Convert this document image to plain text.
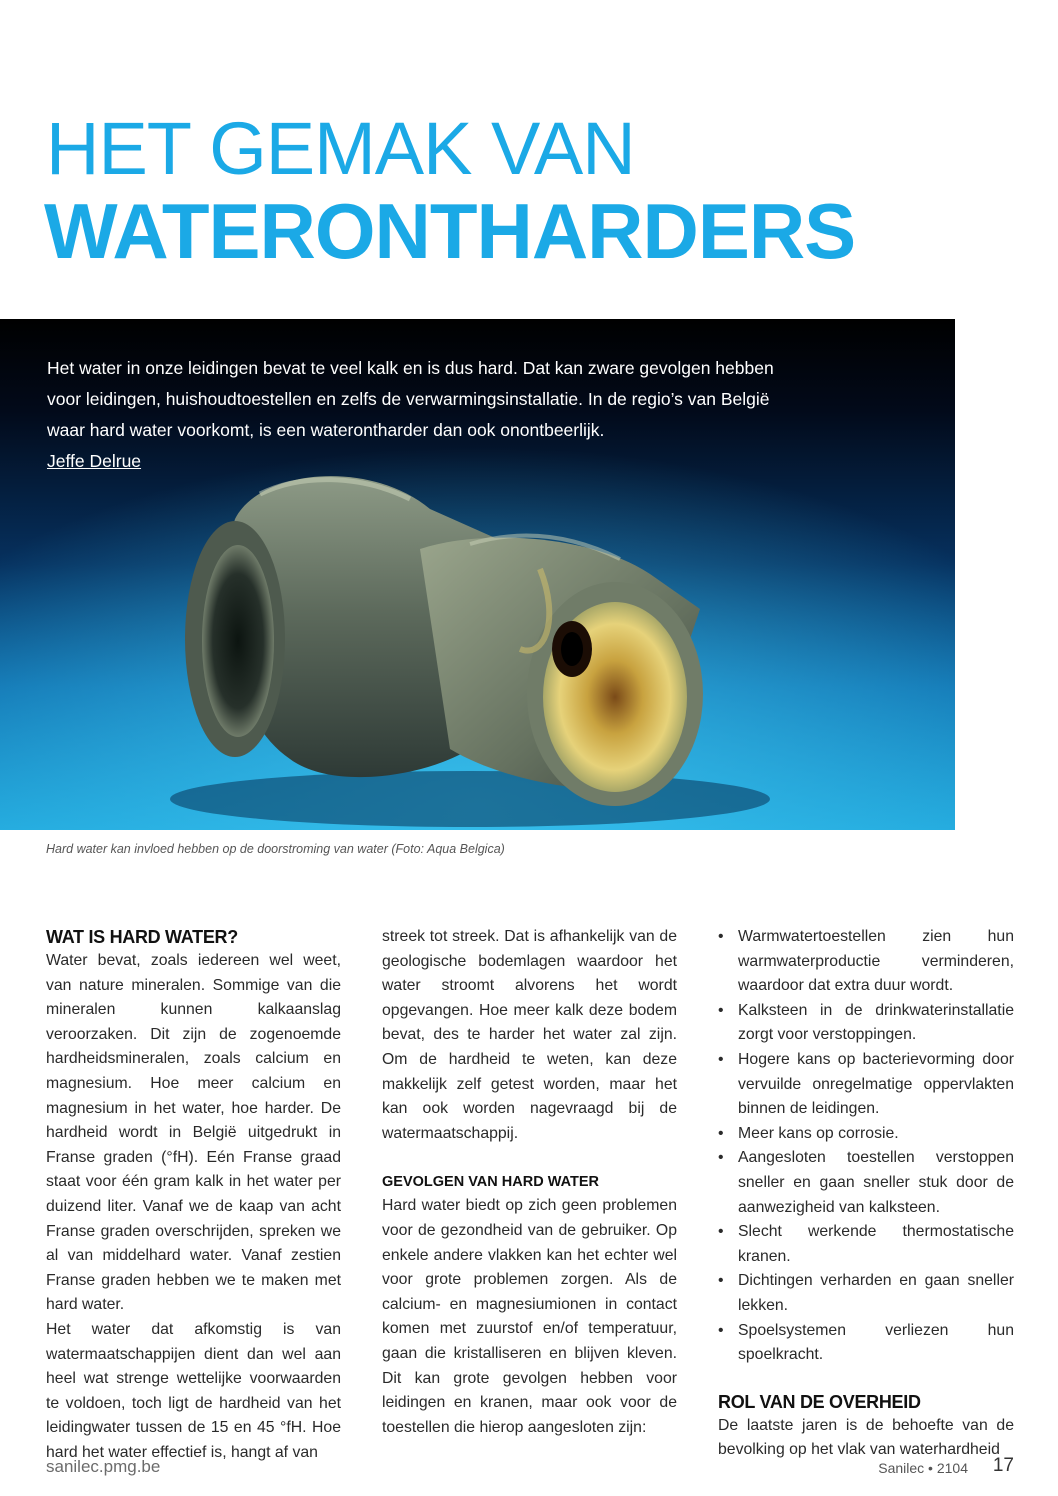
HET GEMAK VAN
WATERONTHARDERS
Het water in onze leidingen bevat te veel kalk en is dus hard. Dat kan zware gevolgen hebben voor leidingen, huishoudtoestellen en zelfs de verwarmingsinstallatie. In de regio’s van België waar hard water voorkomt, is een waterontharder dan ook onontbeerlijk.
Jeffe Delrue
Hard water kan invloed hebben op de doorstroming van water (Foto: Aqua Belgica)
WAT IS HARD WATER?

Water bevat, zoals iedereen wel weet, van nature mineralen. Sommige van die mineralen kunnen kalkaanslag veroorzaken. Dit zijn de zogenoemde hardheidsmineralen, zoals calcium en magnesium. Hoe meer calcium en magnesium in het water, hoe harder. De hardheid wordt in België uitgedrukt in Franse graden (°fH). Eén Franse graad staat voor één gram kalk in het water per duizend liter. Vanaf we de kaap van acht Franse graden overschrijden, spreken we al van middelhard water. Vanaf zestien Franse graden hebben we te maken met hard water.

Het water dat afkomstig is van watermaatschappijen dient dan wel aan heel wat strenge wettelijke voorwaarden te voldoen, toch ligt de hardheid van het leidingwater tussen de 15 en 45 °fH. Hoe hard het water effectief is, hangt af van

streek tot streek. Dat is afhankelijk van de geologische bodemlagen waardoor het water stroomt alvorens het wordt opgevangen. Hoe meer kalk deze bodem bevat, des te harder het water zal zijn. Om de hardheid te weten, kan deze makkelijk zelf getest worden, maar het kan ook worden nagevraagd bij de watermaatschappij.

GEVOLGEN VAN HARD WATER

Hard water biedt op zich geen problemen voor de gezondheid van de gebruiker. Op enkele andere vlakken kan het echter wel voor grote problemen zorgen. Als de calcium- en magnesiumionen in contact komen met zuurstof en/of temperatuur, gaan die kristalliseren en blijven kleven. Dit kan grote gevolgen hebben voor leidingen en kranen, maar ook voor de toestellen die hierop aangesloten zijn:

• Warmwatertoestellen zien hun warmwaterproductie verminderen, waardoor dat extra duur wordt.
• Kalksteen in de drinkwaterinstallatie zorgt voor verstoppingen.
• Hogere kans op bacterievorming door vervuilde onregelmatige oppervlakten binnen de leidingen.
• Meer kans op corrosie.
• Aangesloten toestellen verstoppen sneller en gaan sneller stuk door de aanwezigheid van kalksteen.
• Slecht werkende thermostatische kranen.
• Dichtingen verharden en gaan sneller lekken.
• Spoelsystemen verliezen hun spoelkracht.
ROL VAN DE OVERHEID

De laatste jaren is de behoefte van de bevolking op het vlak van waterhardheid

sanilec.pmg.be	Sanilec • 2104 17
